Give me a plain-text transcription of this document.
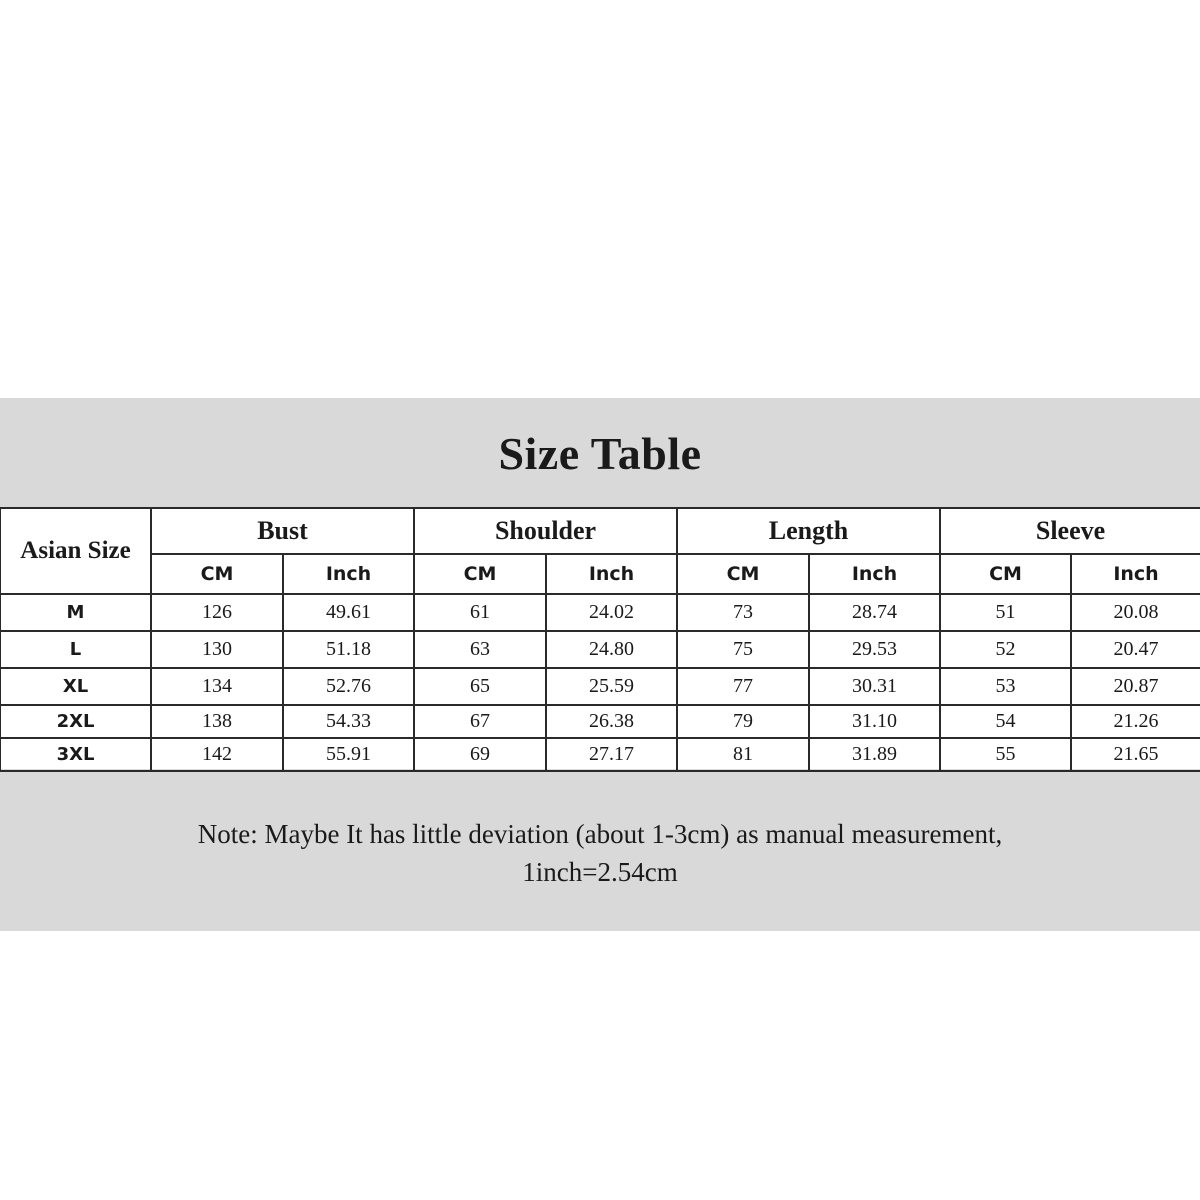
Size Table
Asian Size	Bust		Shoulder		Length		Sleeve	
	CM	Inch	CM	Inch	CM	Inch	CM	Inch
M	126	49.61	61	24.02	73	28.74	51	20.08
L	130	51.18	63	24.80	75	29.53	52	20.47
XL	134	52.76	65	25.59	77	30.31	53	20.87
2XL	138	54.33	67	26.38	79	31.10	54	21.26
3XL	142	55.91	69	27.17	81	31.89	55	21.65
Note: Maybe It has little deviation (about 1-3cm) as manual measurement,
1inch=2.54cm
